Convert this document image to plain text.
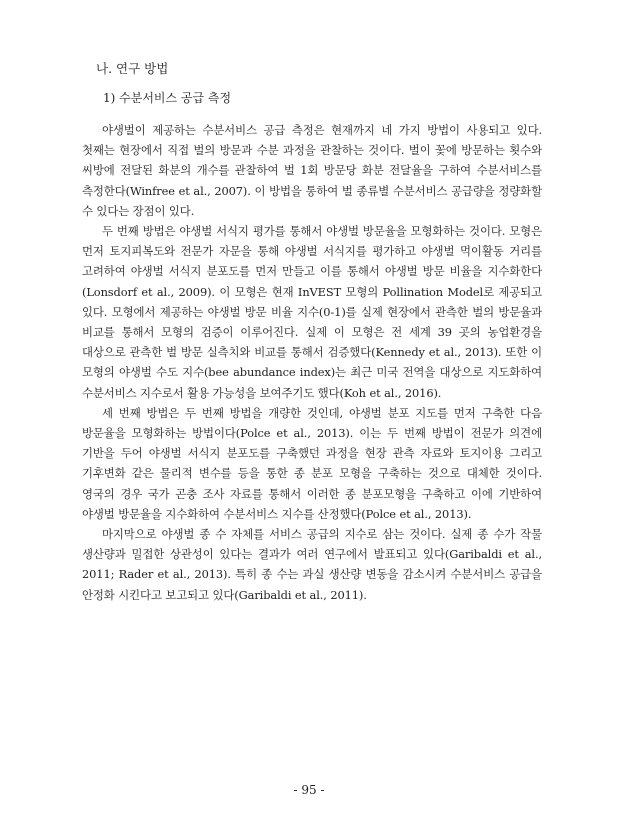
나. 연구 방법
1) 수분서비스 공급 측정

야생벌이 제공하는 수분서비스 공급 측정은 현재까지 네 가지 방법이 사용되고 있다. 첫째는 현장에서 직접 벌의 방문과 수분 과정을 관찰하는 것이다. 벌이 꽃에 방문하는 횟수와 씨방에 전달된 화분의 개수를 관찰하여 벌 1회 방문당 화분 전달율을 구하여 수분서비스를 측정한다(Winfree et al., 2007). 이 방법을 통하여 벌 종류별 수분서비스 공급량을 정량화할 수 있다는 장점이 있다.

두 번째 방법은 야생벌 서식지 평가를 통해서 야생벌 방문율을 모형화하는 것이다. 모형은 먼저 토지피복도와 전문가 자문을 통해 야생벌 서식지를 평가하고 야생벌 먹이활동 거리를 고려하여 야생벌 서식지 분포도를 먼저 만들고 이를 통해서 야생벌 방문 비율을 지수화한다(Lonsdorf et al., 2009). 이 모형은 현재 InVEST 모형의 Pollination Model로 제공되고 있다. 모형에서 제공하는 야생벌 방문 비율 지수(0-1)를 실제 현장에서 관측한 벌의 방문율과 비교를 통해서 모형의 검증이 이루어진다. 실제 이 모형은 전 세계 39 곳의 농업환경을 대상으로 관측한 벌 방문 실측치와 비교를 통해서 검증했다(Kennedy et al., 2013). 또한 이 모형의 야생벌 수도 지수(bee abundance index)는 최근 미국 전역을 대상으로 지도화하여 수분서비스 지수로서 활용 가능성을 보여주기도 했다(Koh et al., 2016).

세 번째 방법은 두 번째 방법을 개량한 것인데, 야생벌 분포 지도를 먼저 구축한 다음 방문율을 모형화하는 방법이다(Polce et al., 2013). 이는 두 번째 방법이 전문가 의견에 기반을 두어 야생벌 서식지 분포도를 구축했던 과정을 현장 관측 자료와 토지이용 그리고 기후변화 같은 물리적 변수를 등을 통한 종 분포 모형을 구축하는 것으로 대체한 것이다. 영국의 경우 국가 곤충 조사 자료를 통해서 이러한 종 분포모형을 구축하고 이에 기반하여 야생벌 방문율을 지수화하여 수분서비스 지수를 산정했다(Polce et al., 2013).

마지막으로 야생벌 종 수 자체를 서비스 공급의 지수로 삼는 것이다. 실제 종 수가 작물 생산량과 밀접한 상관성이 있다는 결과가 여러 연구에서 발표되고 있다(Garibaldi et al., 2011; Rader et al., 2013). 특히 종 수는 과실 생산량 변동을 감소시켜 수분서비스 공급을 안정화 시킨다고 보고되고 있다(Garibaldi et al., 2011).

- 95 -
